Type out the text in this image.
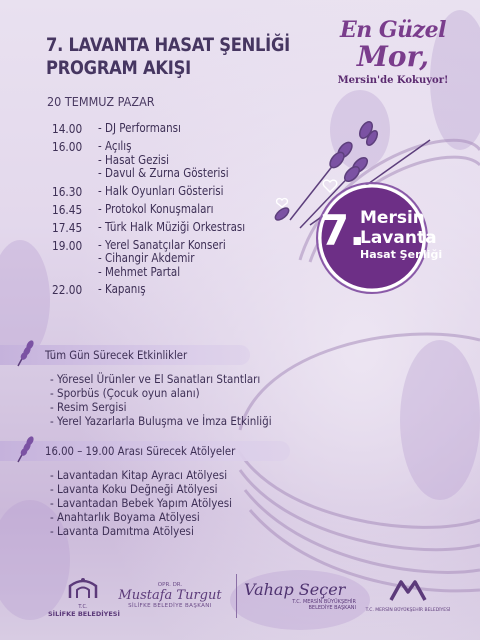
7. LAVANTA HASAT ŞENLİĞİ
PROGRAM AKIŞI
20 TEMMUZ PAZAR
En Güzel
Mor,
Mersin'de Kokuyor!
7.
Mersin
Lavanta
Hasat Şenliği
14.00	- DJ Performansı
16.00	- Açılış
- Hasat Gezisi
- Davul & Zurna Gösterisi
16.30	- Halk Oyunları Gösterisi
16.45	- Protokol Konuşmaları
17.45	- Türk Halk Müziği Orkestrası
19.00	- Yerel Sanatçılar Konseri
- Cihangir Akdemir
- Mehmet Partal
22.00	- Kapanış
Tüm Gün Sürecek Etkinlikler
- Yöresel Ürünler ve El Sanatları Stantları
- Sporbüs (Çocuk oyun alanı)
- Resim Sergisi
- Yerel Yazarlarla Buluşma ve İmza Etkinliği
16.00 – 19.00 Arası Sürecek Atölyeler
- Lavantadan Kitap Ayracı Atölyesi
- Lavanta Koku Değneği Atölyesi
- Lavantadan Bebek Yapım Atölyesi
- Anahtarlık Boyama Atölyesi
- Lavanta Damıtma Atölyesi
T.C.
SİLİFKE BELEDİYESİ
OPR. DR.
Mustafa Turgut
SİLİFKE BELEDİYE BAŞKANI
Vahap Seçer
T.C. MERSİN BÜYÜKŞEHİR
BELEDİYE BAŞKANI	T.C. MERSİN BÜYÜKŞEHİR BELEDİYESİ
